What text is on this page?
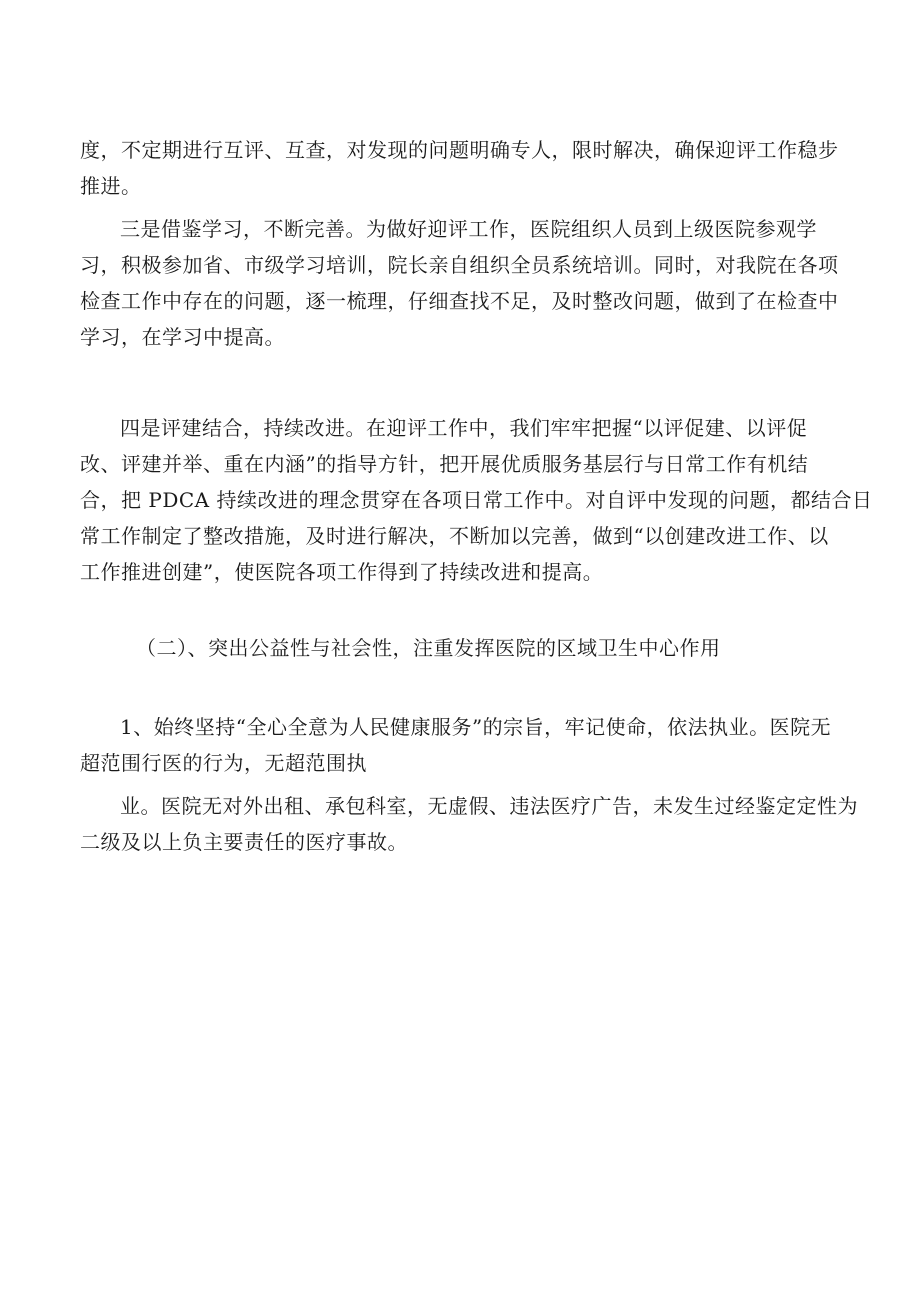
度，不定期进行互评、互查，对发现的问题明确专人，限时解决，确保迎评工作稳步
推进。
三是借鉴学习，不断完善。为做好迎评工作，医院组织人员到上级医院参观学
习，积极参加省、市级学习培训，院长亲自组织全员系统培训。同时，对我院在各项
检查工作中存在的问题，逐一梳理，仔细查找不足，及时整改问题，做到了在检查中
学习，在学习中提高。
四是评建结合，持续改进。在迎评工作中，我们牢牢把握“以评促建、以评促
改、评建并举、重在内涵”的指导方针，把开展优质服务基层行与日常工作有机结
合，把 PDCA 持续改进的理念贯穿在各项日常工作中。对自评中发现的问题，都结合日
常工作制定了整改措施，及时进行解决，不断加以完善，做到“以创建改进工作、以
工作推进创建”，使医院各项工作得到了持续改进和提高。
（二）、突出公益性与社会性，注重发挥医院的区域卫生中心作用
1、始终坚持“全心全意为人民健康服务”的宗旨，牢记使命，依法执业。医院无
超范围行医的行为，无超范围执
业。医院无对外出租、承包科室，无虚假、违法医疗广告，未发生过经鉴定定性为
二级及以上负主要责任的医疗事故。
